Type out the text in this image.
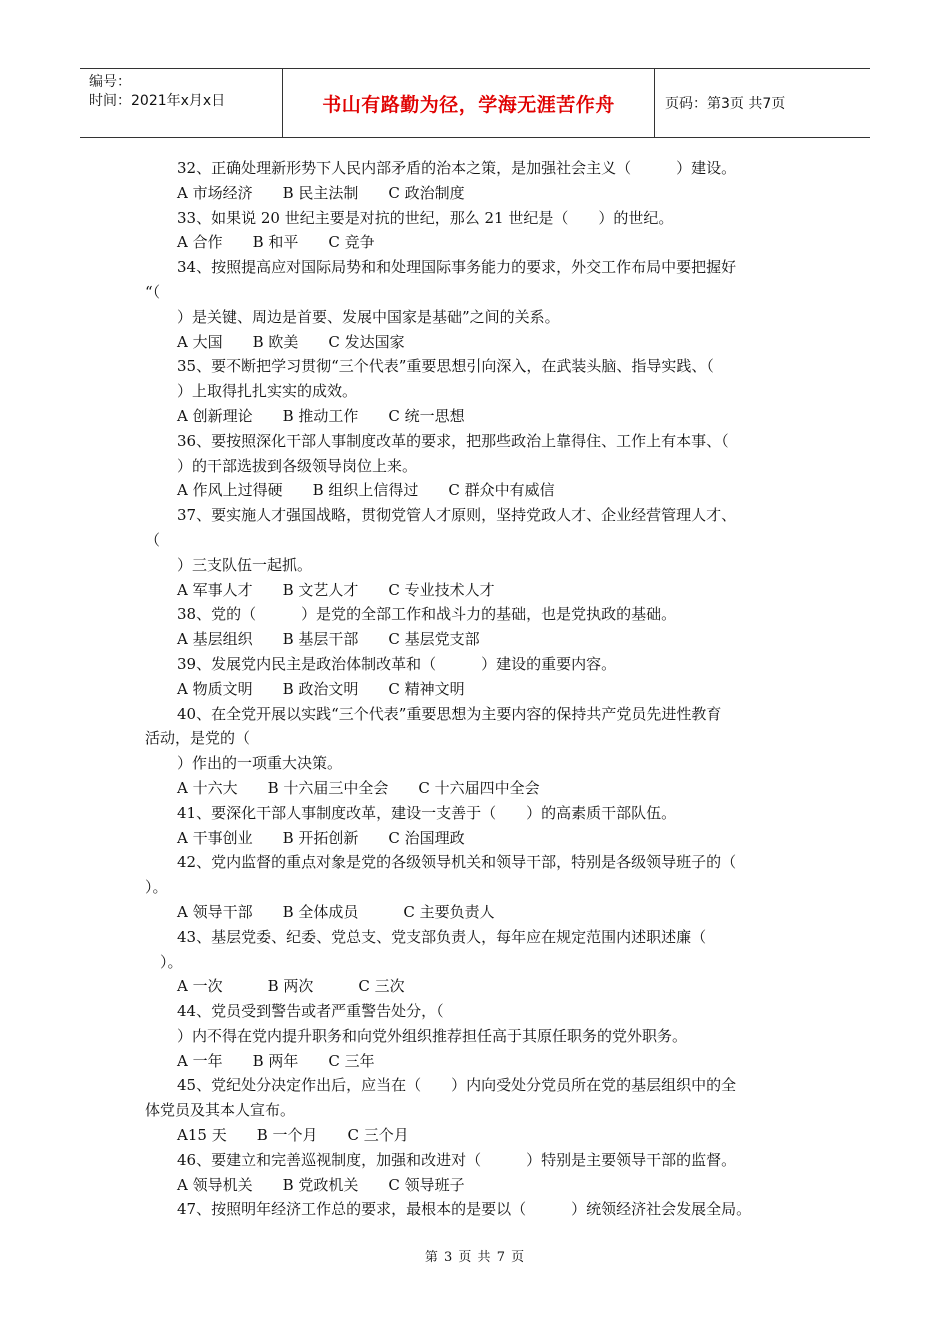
编号：
时间：2021年x月x日	书山有路勤为径，学海无涯苦作舟	页码：第3页 共7页
32、正确处理新形势下人民内部矛盾的治本之策，是加强社会主义（　　　）建设。
A 市场经济　　B 民主法制　　C 政治制度
33、如果说 20 世纪主要是对抗的世纪，那么 21 世纪是（　　）的世纪。
A 合作　　B 和平　　C 竞争
34、按照提高应对国际局势和和处理国际事务能力的要求，外交工作布局中要把握好
“（
）是关键、周边是首要、发展中国家是基础”之间的关系。
A 大国　　B 欧美　　C 发达国家
35、要不断把学习贯彻“三个代表”重要思想引向深入，在武装头脑、指导实践、（
）上取得扎扎实实的成效。
A 创新理论　　B 推动工作　　C 统一思想
36、要按照深化干部人事制度改革的要求，把那些政治上靠得住、工作上有本事、（
）的干部选拔到各级领导岗位上来。
A 作风上过得硬　　B 组织上信得过　　C 群众中有威信
37、要实施人才强国战略，贯彻党管人才原则，坚持党政人才、企业经营管理人才、
（
）三支队伍一起抓。
A 军事人才　　B 文艺人才　　C 专业技术人才
38、党的（　　　）是党的全部工作和战斗力的基础，也是党执政的基础。
A 基层组织　　B 基层干部　　C 基层党支部
39、发展党内民主是政治体制改革和（　　　）建设的重要内容。
A 物质文明　　B 政治文明　　C 精神文明
40、在全党开展以实践“三个代表”重要思想为主要内容的保持共产党员先进性教育
活动，是党的（
）作出的一项重大决策。
A 十六大　　B 十六届三中全会　　C 十六届四中全会
41、要深化干部人事制度改革，建设一支善于（　　）的高素质干部队伍。
A 干事创业　　B 开拓创新　　C 治国理政
42、党内监督的重点对象是党的各级领导机关和领导干部，特别是各级领导班子的（
）。
A 领导干部　　B 全体成员　　　C 主要负责人
43、基层党委、纪委、党总支、党支部负责人，每年应在规定范围内述职述廉（
　）。
A 一次　　　B 两次　　　C 三次
44、党员受到警告或者严重警告处分，（
）内不得在党内提升职务和向党外组织推荐担任高于其原任职务的党外职务。
A 一年　　B 两年　　C 三年
45、党纪处分决定作出后，应当在（　　）内向受处分党员所在党的基层组织中的全
体党员及其本人宣布。
A15 天　　B 一个月　　C 三个月
46、要建立和完善巡视制度，加强和改进对（　　　）特别是主要领导干部的监督。
A 领导机关　　B 党政机关　　C 领导班子
47、按照明年经济工作总的要求，最根本的是要以（　　　）统领经济社会发展全局。
第 3 页 共 7 页
